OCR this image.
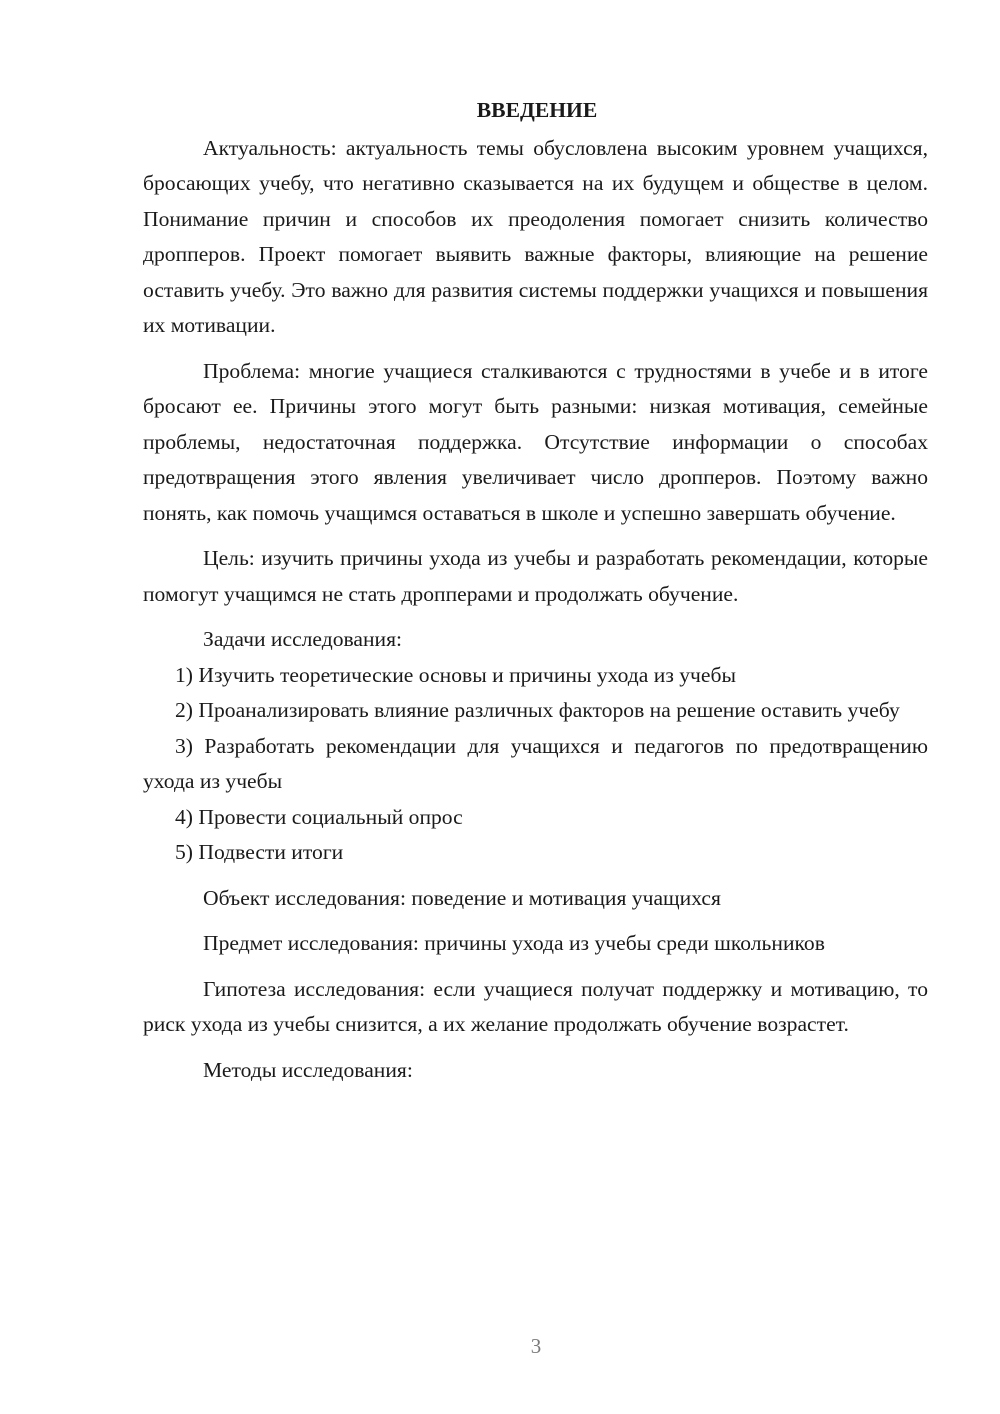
ВВЕДЕНИЕ

Актуальность: актуальность темы обусловлена высоким уровнем учащихся, бросающих учебу, что негативно сказывается на их будущем и обществе в целом. Понимание причин и способов их преодоления помогает снизить количество дропперов. Проект помогает выявить важные факторы, влияющие на решение оставить учебу. Это важно для развития системы поддержки учащихся и повышения их мотивации.

Проблема: многие учащиеся сталкиваются с трудностями в учебе и в итоге бросают ее. Причины этого могут быть разными: низкая мотивация, семейные проблемы, недостаточная поддержка. Отсутствие информации о способах предотвращения этого явления увеличивает число дропперов. Поэтому важно понять, как помочь учащимся оставаться в школе и успешно завершать обучение.

Цель: изучить причины ухода из учебы и разработать рекомендации, которые помогут учащимся не стать дропперами и продолжать обучение.

Задачи исследования:

1) Изучить теоретические основы и причины ухода из учебы

2) Проанализировать влияние различных факторов на решение оставить учебу

3) Разработать рекомендации для учащихся и педагогов по предотвращению ухода из учебы

4) Провести социальный опрос

5) Подвести итоги

Объект исследования: поведение и мотивация учащихся

Предмет исследования: причины ухода из учебы среди школьников

Гипотеза исследования: если учащиеся получат поддержку и мотивацию, то риск ухода из учебы снизится, а их желание продолжать обучение возрастет.

Методы исследования:

3
